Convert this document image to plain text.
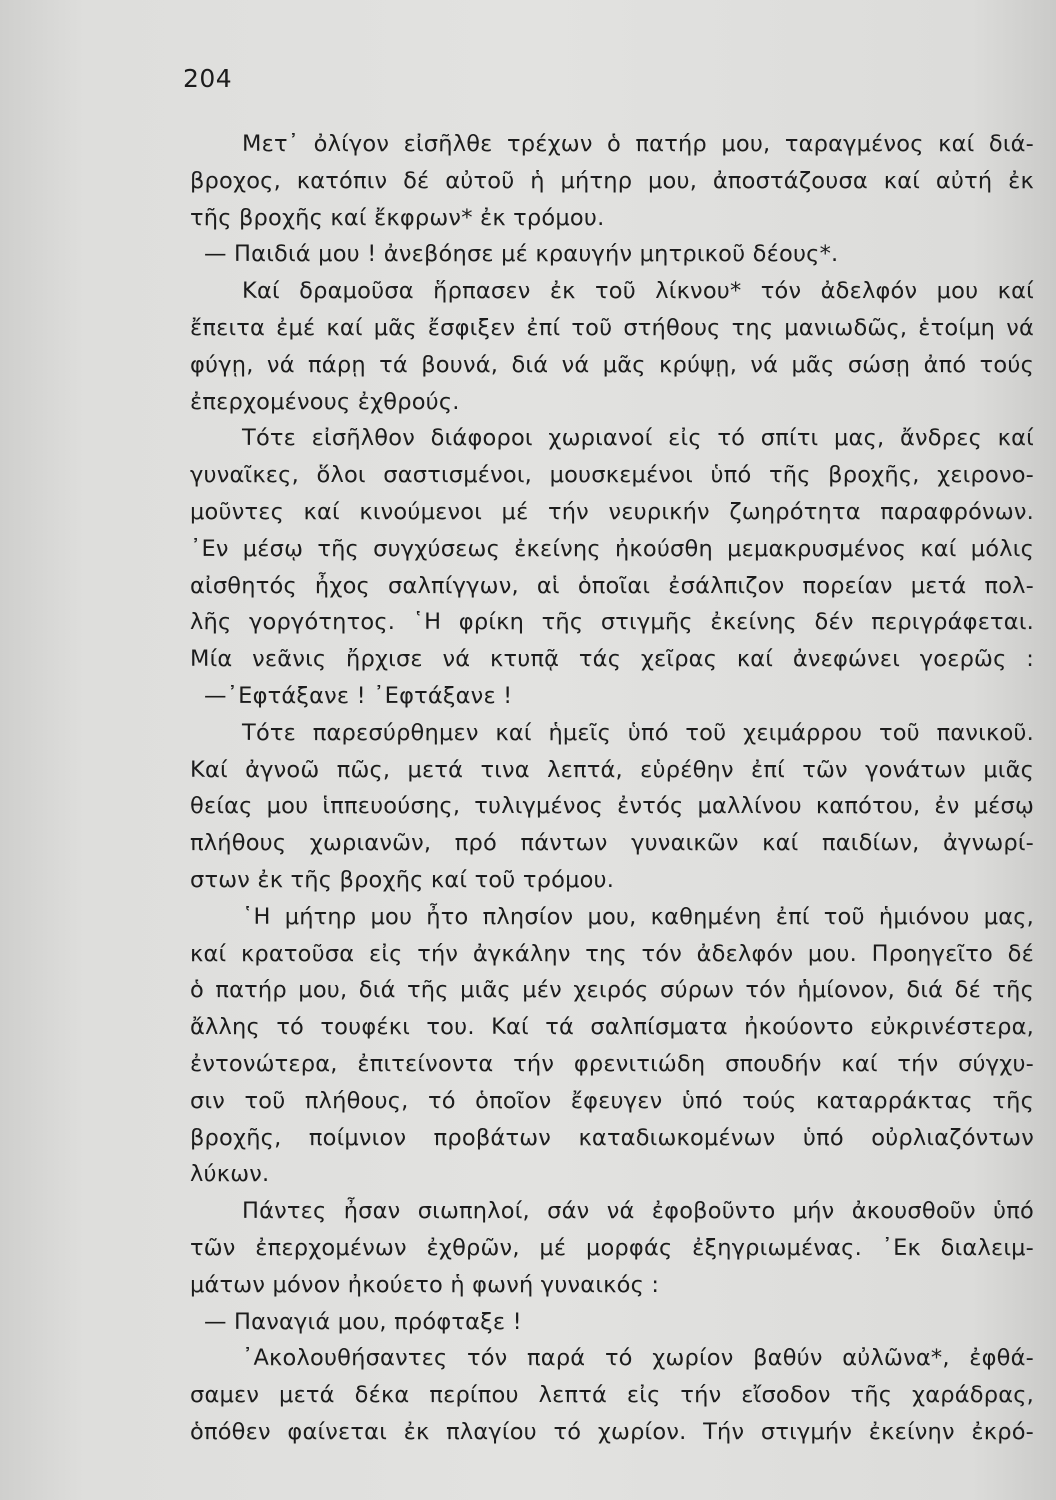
204
Μετ᾽ ὀλίγον εἰσῆλθε τρέχων ὁ πατήρ μου, ταραγμένος καί διά-
βροχος, κατόπιν δέ αὐτοῦ ἡ μήτηρ μου, ἀποστάζουσα καί αὐτή ἐκ
τῆς βροχῆς καί ἔκφρων* ἐκ τρόμου.
— Παιδιά μου ! ἀνεβόησε μέ κραυγήν μητρικοῦ δέους*.
Καί δραμοῦσα ἥρπασεν ἐκ τοῦ λίκνου* τόν ἀδελφόν μου καί
ἔπειτα ἐμέ καί μᾶς ἔσφιξεν ἐπί τοῦ στήθους της μανιωδῶς, ἑτοίμη νά
φύγῃ, νά πάρῃ τά βουνά, διά νά μᾶς κρύψῃ, νά μᾶς σώσῃ ἀπό τούς
ἐπερχομένους ἐχθρούς.
Τότε εἰσῆλθον διάφοροι χωριανοί εἰς τό σπίτι μας, ἄνδρες καί
γυναῖκες, ὅλοι σαστισμένοι, μουσκεμένοι ὑπό τῆς βροχῆς, χειρονο-
μοῦντες καί κινούμενοι μέ τήν νευρικήν ζωηρότητα παραφρόνων.
᾽Εν μέσῳ τῆς συγχύσεως ἐκείνης ἠκούσθη μεμακρυσμένος καί μόλις
αἰσθητός ἦχος σαλπίγγων, αἱ ὁποῖαι ἐσάλπιζον πορείαν μετά πολ-
λῆς γοργότητος. ῾Η φρίκη τῆς στιγμῆς ἐκείνης δέν περιγράφεται.
Μία νεᾶνις ἤρχισε νά κτυπᾷ τάς χεῖρας καί ἀνεφώνει γοερῶς :
—᾽Εφτάξανε ! ᾽Εφτάξανε !
Τότε παρεσύρθημεν καί ἡμεῖς ὑπό τοῦ χειμάρρου τοῦ πανικοῦ.
Καί ἀγνοῶ πῶς, μετά τινα λεπτά, εὑρέθην ἐπί τῶν γονάτων μιᾶς
θείας μου ἱππευούσης, τυλιγμένος ἐντός μαλλίνου καπότου, ἐν μέσῳ
πλήθους χωριανῶν, πρό πάντων γυναικῶν καί παιδίων, ἀγνωρί-
στων ἐκ τῆς βροχῆς καί τοῦ τρόμου.
῾Η μήτηρ μου ἦτο πλησίον μου, καθημένη ἐπί τοῦ ἡμιόνου μας,
καί κρατοῦσα εἰς τήν ἀγκάλην της τόν ἀδελφόν μου. Προηγεῖτο δέ
ὁ πατήρ μου, διά τῆς μιᾶς μέν χειρός σύρων τόν ἡμίονον, διά δέ τῆς
ἄλλης τό τουφέκι του. Καί τά σαλπίσματα ἠκούοντο εὐκρινέστερα,
ἐντονώτερα, ἐπιτείνοντα τήν φρενιτιώδη σπουδήν καί τήν σύγχυ-
σιν τοῦ πλήθους, τό ὁποῖον ἔφευγεν ὑπό τούς καταρράκτας τῆς
βροχῆς, ποίμνιον προβάτων καταδιωκομένων ὑπό οὐρλιαζόντων
λύκων.
Πάντες ἦσαν σιωπηλοί, σάν νά ἐφοβοῦντο μήν ἀκουσθοῦν ὑπό
τῶν ἐπερχομένων ἐχθρῶν, μέ μορφάς ἐξηγριωμένας. ᾽Εκ διαλειμ-
μάτων μόνον ἠκούετο ἡ φωνή γυναικός :
— Παναγιά μου, πρόφταξε !
᾽Ακολουθήσαντες τόν παρά τό χωρίον βαθύν αὐλῶνα*, ἐφθά-
σαμεν μετά δέκα περίπου λεπτά εἰς τήν εἴσοδον τῆς χαράδρας,
ὁπόθεν φαίνεται ἐκ πλαγίου τό χωρίον. Τήν στιγμήν ἐκείνην ἐκρό-
